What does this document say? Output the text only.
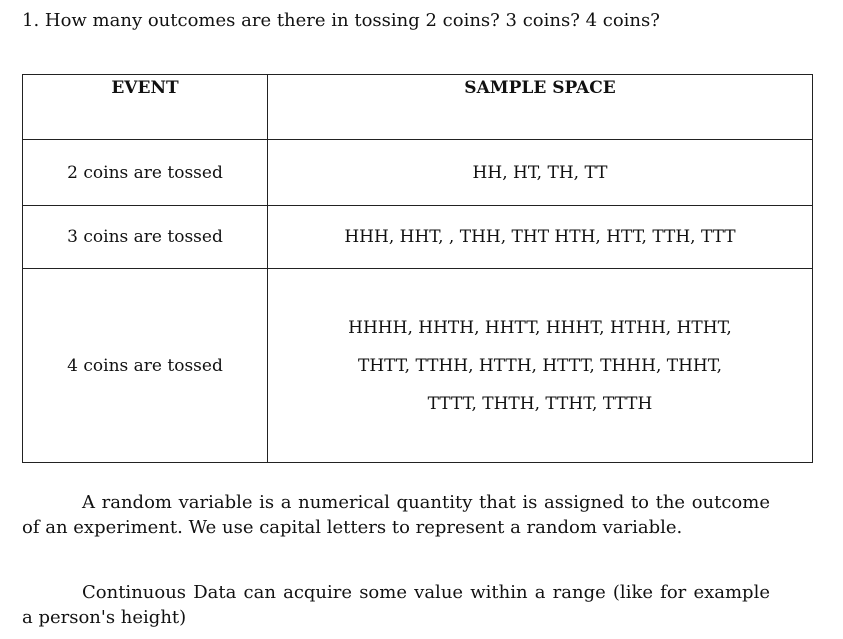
1. How many outcomes are there in tossing 2 coins? 3 coins? 4 coins?
EVENT	SAMPLE SPACE
2 coins are tossed	HH, HT, TH, TT

3 coins are tossed	HHH, HHT, , THH, THT HTH, HTT, TTH, TTT

4 coins are tossed	HHHH, HHTH, HHTT, HHHT, HTHH, HTHT,
THTT, TTHH, HTTH, HTTT, THHH, THHT,
TTTT, THTH, TTHT, TTTH

A random variable is a numerical quantity that is assigned to the outcome of an experiment. We use capital letters to represent a random variable.

Continuous Data can acquire some value within a range (like for example a person's height)
